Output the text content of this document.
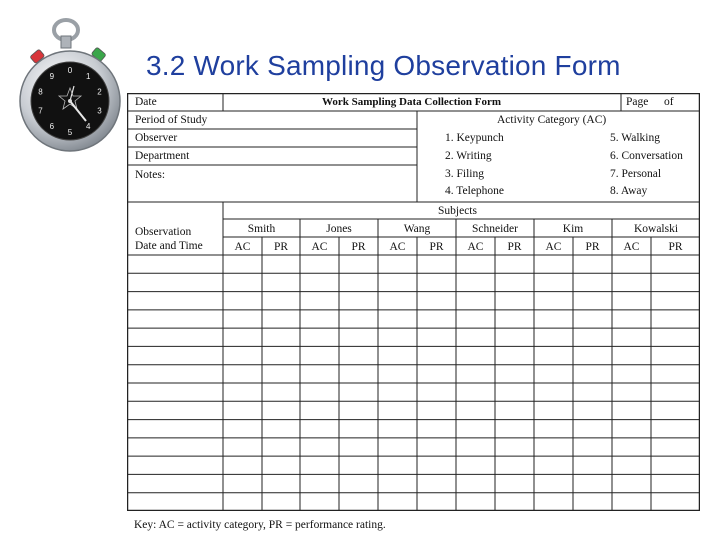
3.2 Work Sampling Observation Form
0
1
2
3
4
5
6
7
8
9
Date	Work Sampling Data Collection Form	Page of
Period of Study
Observer
Department
Notes:
Activity Category (AC)
1. Keypunch
2. Writing
3. Filing
4. Telephone
5. Walking
6. Conversation
7. Personal
8. Away
Subjects
Observation
Date and Time
Smith	Jones	Wang	Schneider	Kim	Kowalski
AC	PR	AC	PR	AC	PR	AC	PR	AC	PR	AC	PR
Key: AC = activity category, PR = performance rating.
